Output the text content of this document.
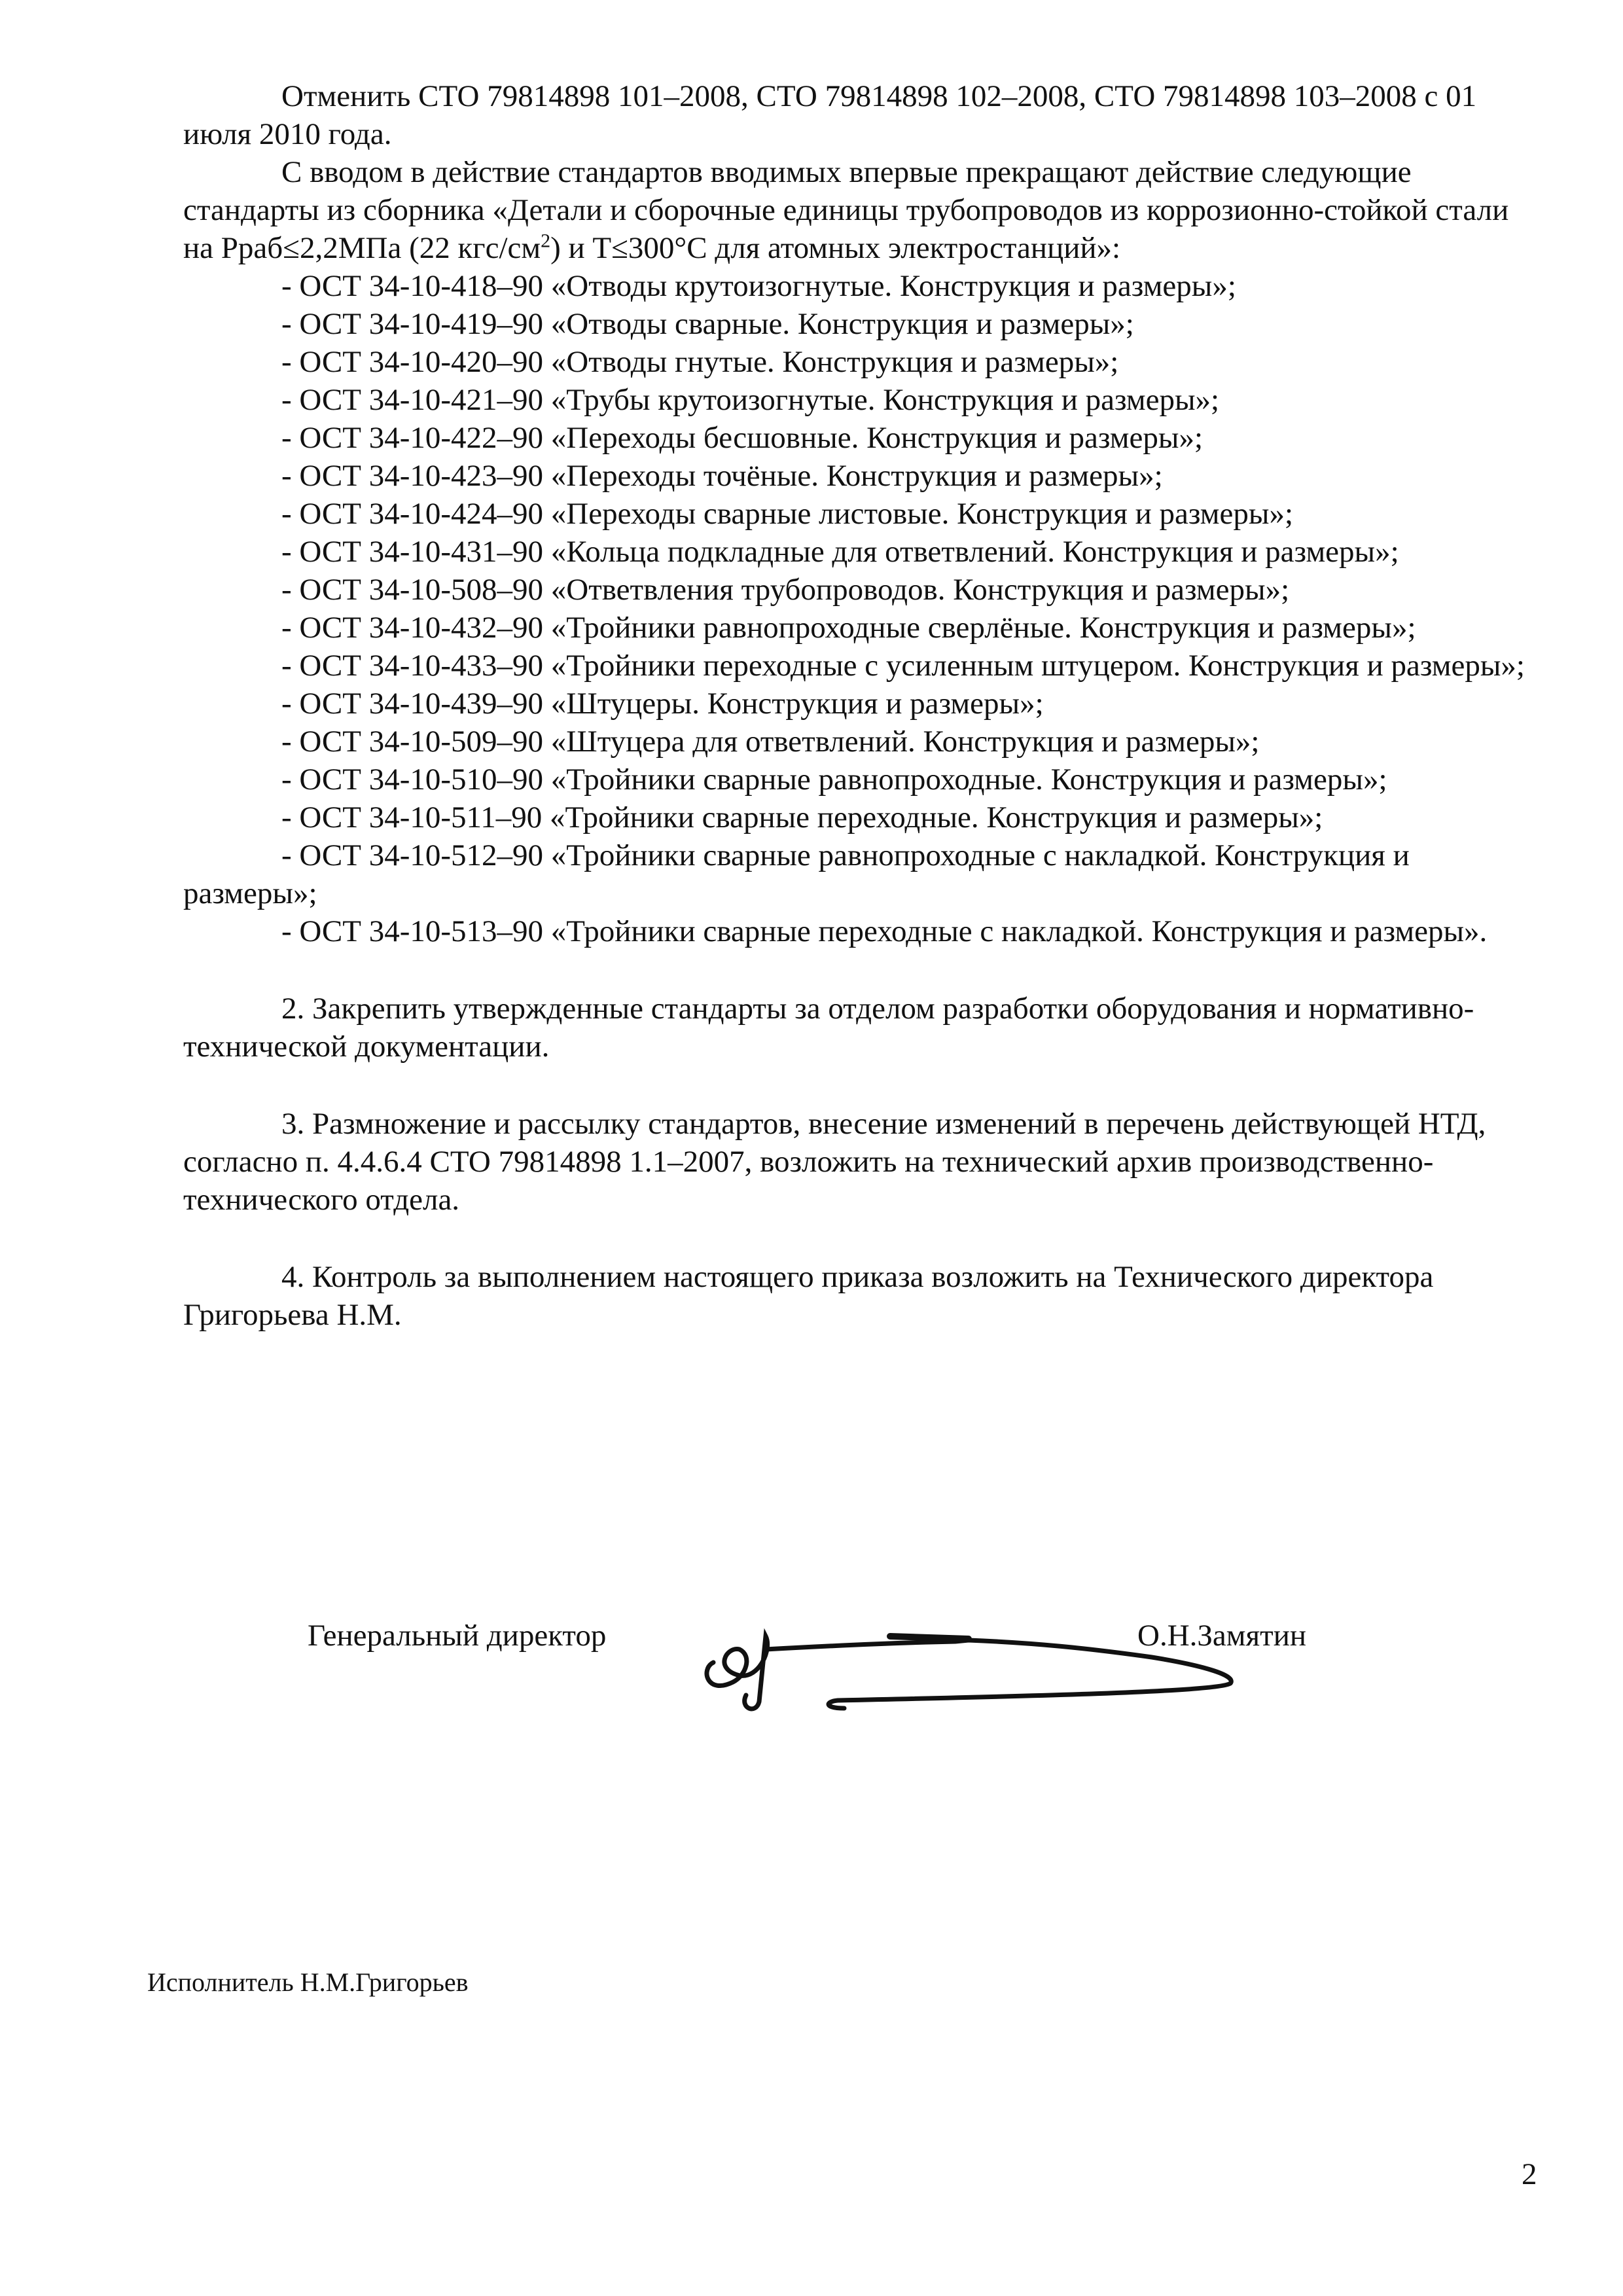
Отменить СТО 79814898 101–2008, СТО 79814898 102–2008, СТО 79814898 103–2008 с 01 июля 2010 года.

С вводом в действие стандартов вводимых впервые прекращают действие следующие стандарты из сборника «Детали и сборочные единицы трубопроводов из коррозионно-стойкой стали на Рраб≤2,2МПа (22 кгс/$см^2$) и Т≤300°С для атомных электростанций»:

- ОСТ 34-10-418–90 «Отводы крутоизогнутые. Конструкция и размеры»;

- ОСТ 34-10-419–90 «Отводы сварные. Конструкция и размеры»;

- ОСТ 34-10-420–90 «Отводы гнутые. Конструкция и размеры»;

- ОСТ 34-10-421–90 «Трубы крутоизогнутые. Конструкция и размеры»;

- ОСТ 34-10-422–90 «Переходы бесшовные. Конструкция и размеры»;

- ОСТ 34-10-423–90 «Переходы точёные. Конструкция и размеры»;

- ОСТ 34-10-424–90 «Переходы сварные листовые. Конструкция и размеры»;

- ОСТ 34-10-431–90 «Кольца подкладные для ответвлений. Конструкция и размеры»;

- ОСТ 34-10-508–90 «Ответвления трубопроводов. Конструкция и размеры»;

- ОСТ 34-10-432–90 «Тройники равнопроходные сверлёные. Конструкция и размеры»;

- ОСТ 34-10-433–90 «Тройники переходные с усиленным штуцером. Конструкция и размеры»;

- ОСТ 34-10-439–90 «Штуцеры. Конструкция и размеры»;

- ОСТ 34-10-509–90 «Штуцера для ответвлений. Конструкция и размеры»;

- ОСТ 34-10-510–90 «Тройники сварные равнопроходные. Конструкция и размеры»;

- ОСТ 34-10-511–90 «Тройники сварные переходные. Конструкция и размеры»;

- ОСТ 34-10-512–90 «Тройники сварные равнопроходные с накладкой. Конструкция и размеры»;

- ОСТ 34-10-513–90 «Тройники сварные переходные с накладкой. Конструкция и размеры».

2. Закрепить утвержденные стандарты за отделом разработки оборудования и нормативно-технической документации.

3. Размножение и рассылку стандартов, внесение изменений в перечень действующей НТД, согласно п. 4.4.6.4 СТО 79814898 1.1–2007, возложить на технический архив производственно-технического отдела.

4. Контроль за выполнением настоящего приказа возложить на Технического директора Григорьева Н.М.

Генеральный директор	О.Н.Замятин
Исполнитель Н.М.Григорьев
2
